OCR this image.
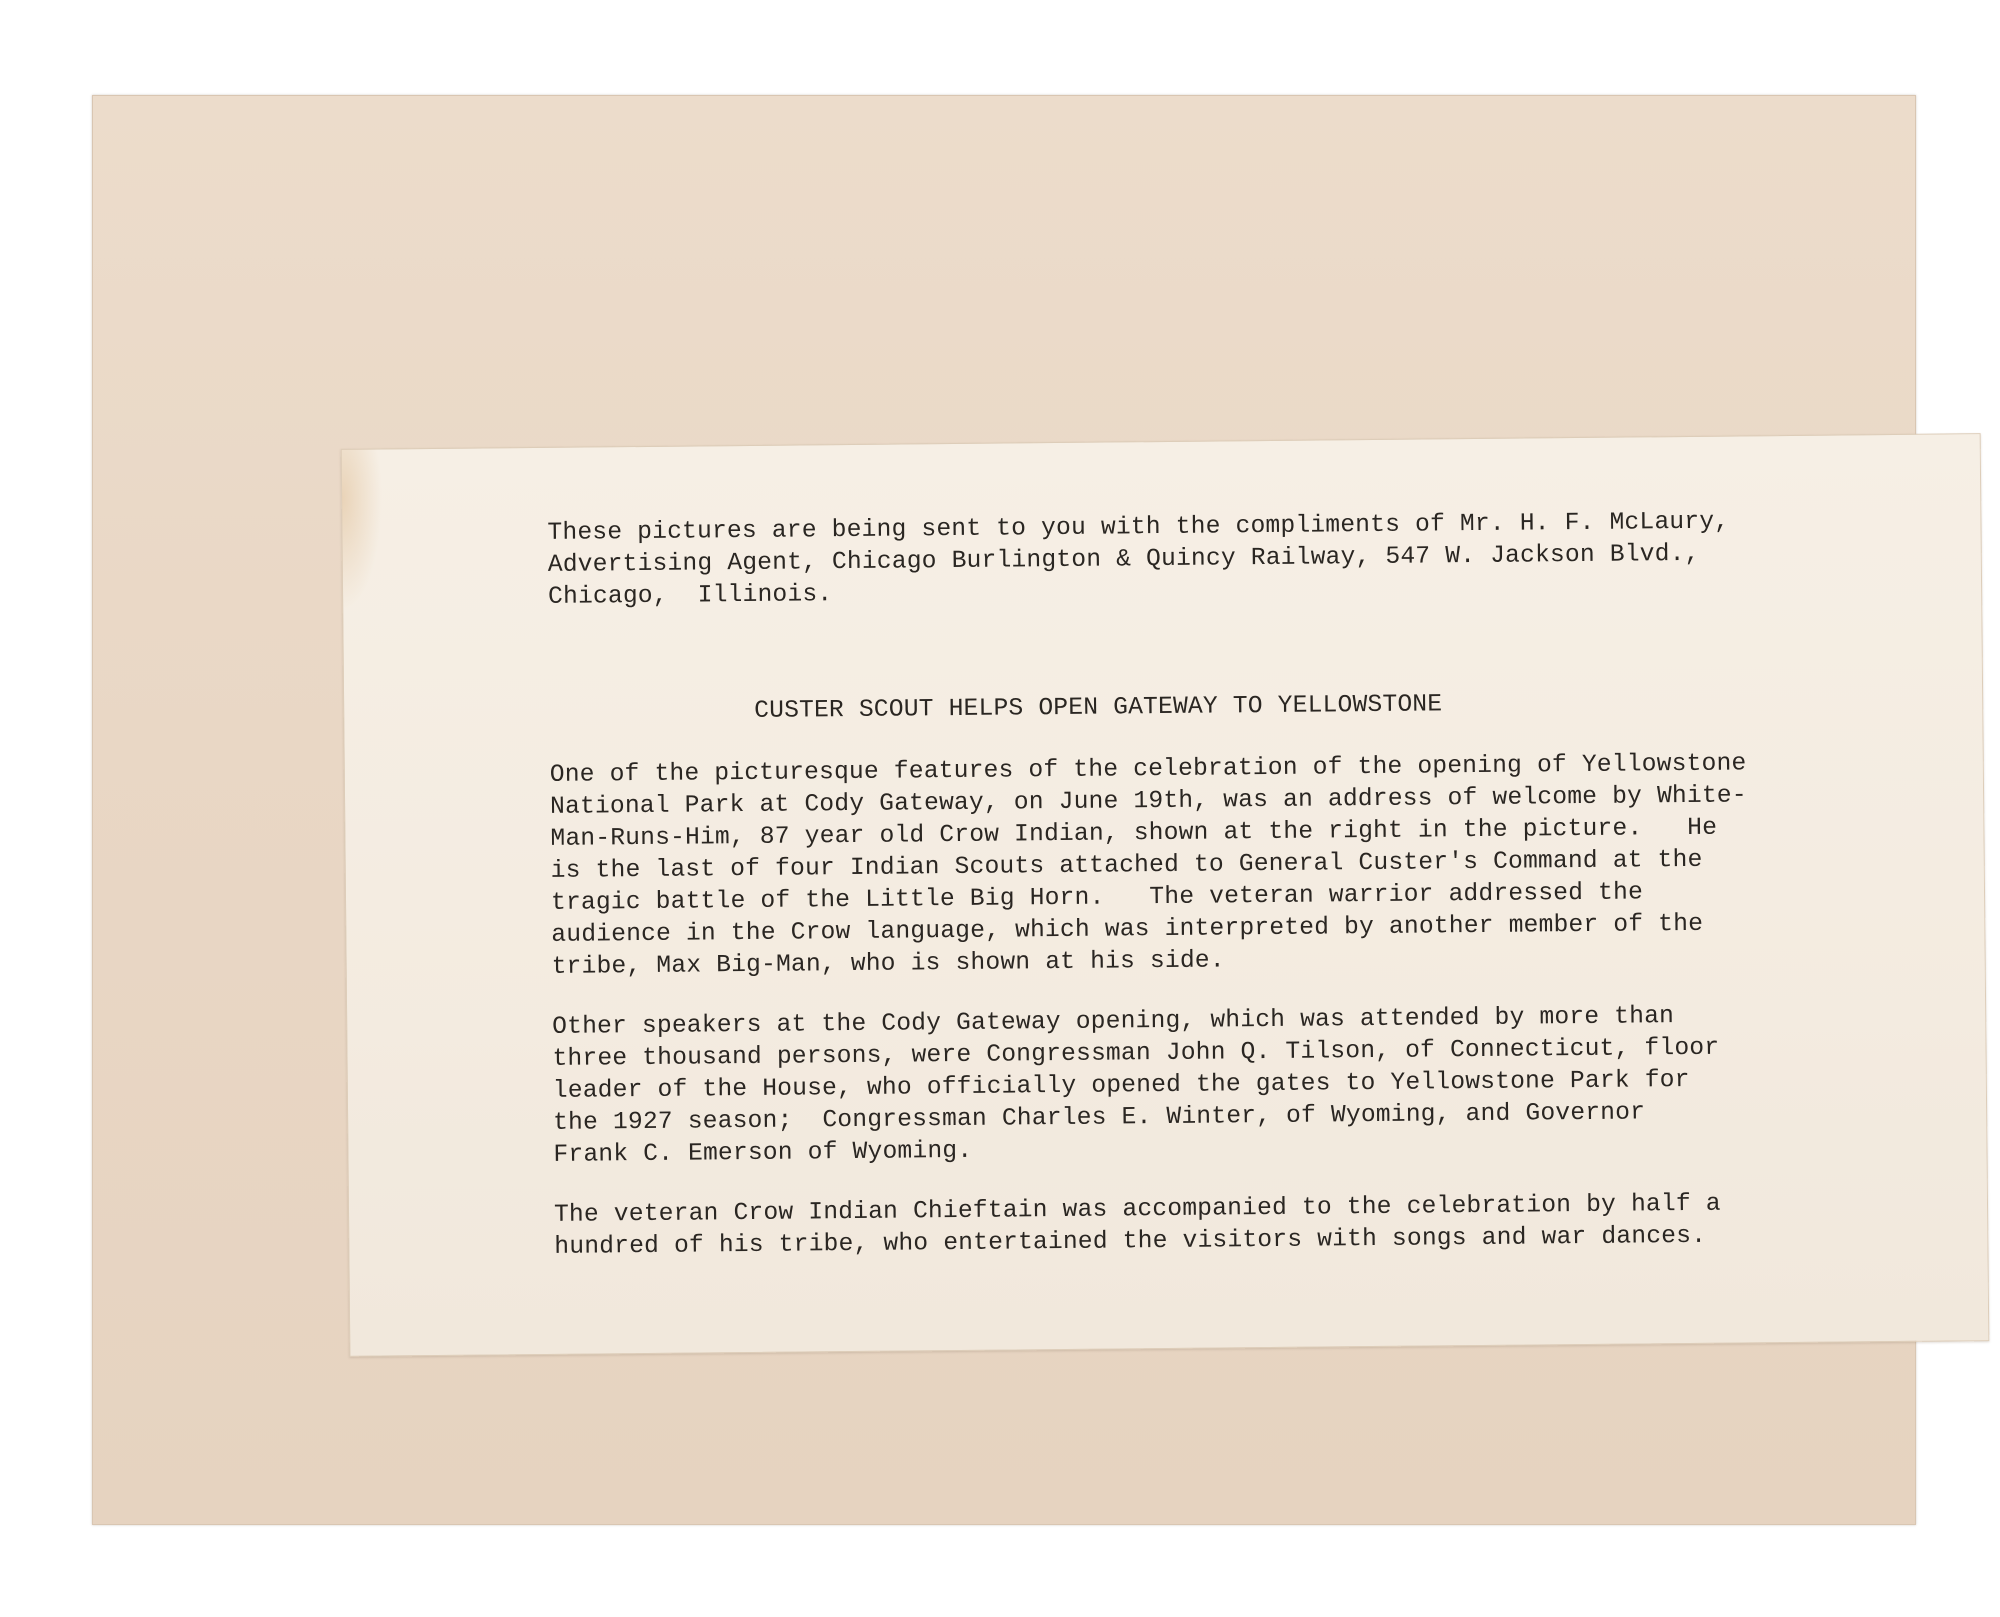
These pictures are being sent to you with the compliments of Mr. H. F. McLaury,

Advertising Agent, Chicago Burlington & Quincy Railway, 547 W. Jackson Blvd.,

Chicago,  Illinois.

CUSTER SCOUT HELPS OPEN GATEWAY TO YELLOWSTONE

One of the picturesque features of the celebration of the opening of Yellowstone

National Park at Cody Gateway, on June 19th, was an address of welcome by White-

Man-Runs-Him, 87 year old Crow Indian, shown at the right in the picture.   He

is the last of four Indian Scouts attached to General Custer's Command at the

tragic battle of the Little Big Horn.   The veteran warrior addressed the

audience in the Crow language, which was interpreted by another member of the

tribe, Max Big-Man, who is shown at his side.

Other speakers at the Cody Gateway opening, which was attended by more than

three thousand persons, were Congressman John Q. Tilson, of Connecticut, floor

leader of the House, who officially opened the gates to Yellowstone Park for

the 1927 season;  Congressman Charles E. Winter, of Wyoming, and Governor

Frank C. Emerson of Wyoming.

The veteran Crow Indian Chieftain was accompanied to the celebration by half a

hundred of his tribe, who entertained the visitors with songs and war dances.
